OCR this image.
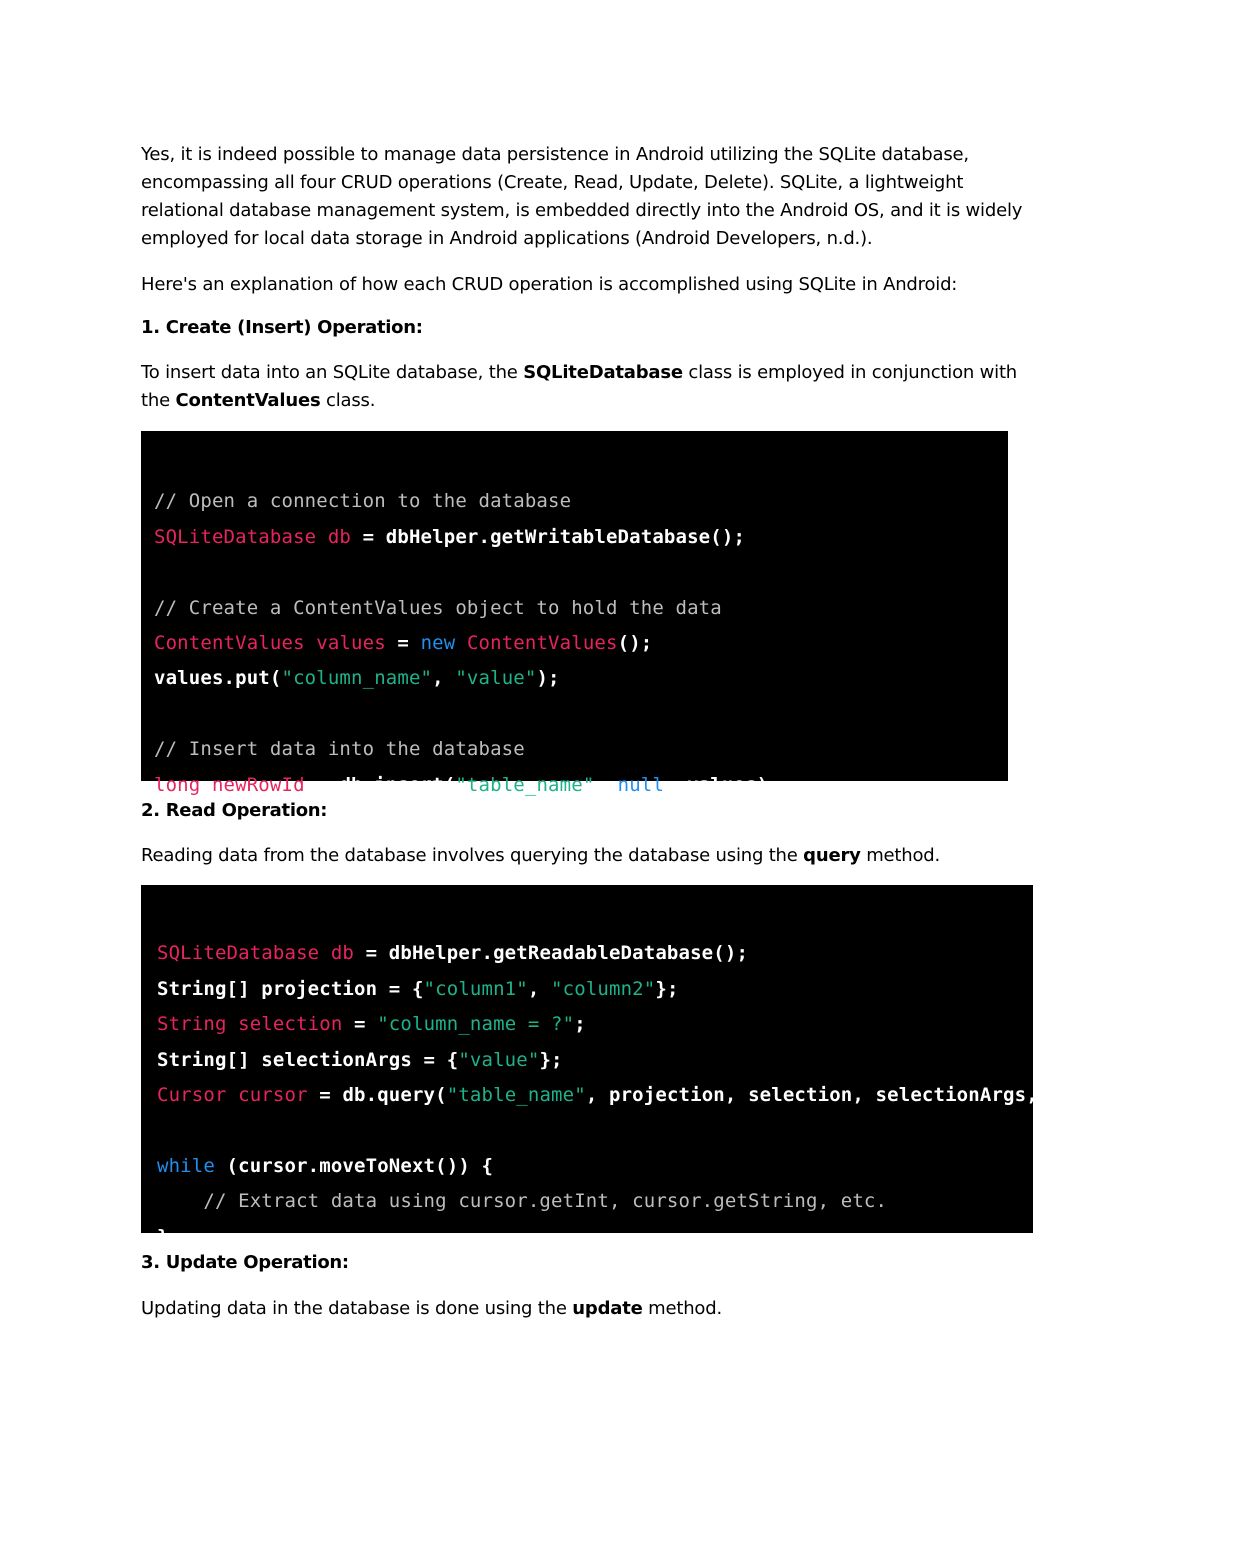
Yes, it is indeed possible to manage data persistence in Android utilizing the SQLite database, encompassing all four CRUD operations (Create, Read, Update, Delete). SQLite, a lightweight relational database management system, is embedded directly into the Android OS, and it is widely employed for local data storage in Android applications (Android Developers, n.d.).

Here's an explanation of how each CRUD operation is accomplished using SQLite in Android:

1. Create (Insert) Operation:

To insert data into an SQLite database, the SQLiteDatabase class is employed in conjunction with the ContentValues class.

// Open a connection to the database
SQLiteDatabase db = dbHelper.getWritableDatabase();
// Create a ContentValues object to hold the data
ContentValues values = new ContentValues();
values.put("column_name", "value");
// Insert data into the database
long newRowId = db.insert("table_name", null, values);

2. Read Operation:

Reading data from the database involves querying the database using the query method.

SQLiteDatabase db = dbHelper.getReadableDatabase();
String[] projection = {"column1", "column2"};
String selection = "column_name = ?";
String[] selectionArgs = {"value"};
Cursor cursor = db.query("table_name", projection, selection, selectionArgs, null, null, null);
while (cursor.moveToNext()) {
// Extract data using cursor.getInt, cursor.getString, etc.
}

3. Update Operation:

Updating data in the database is done using the update method.
